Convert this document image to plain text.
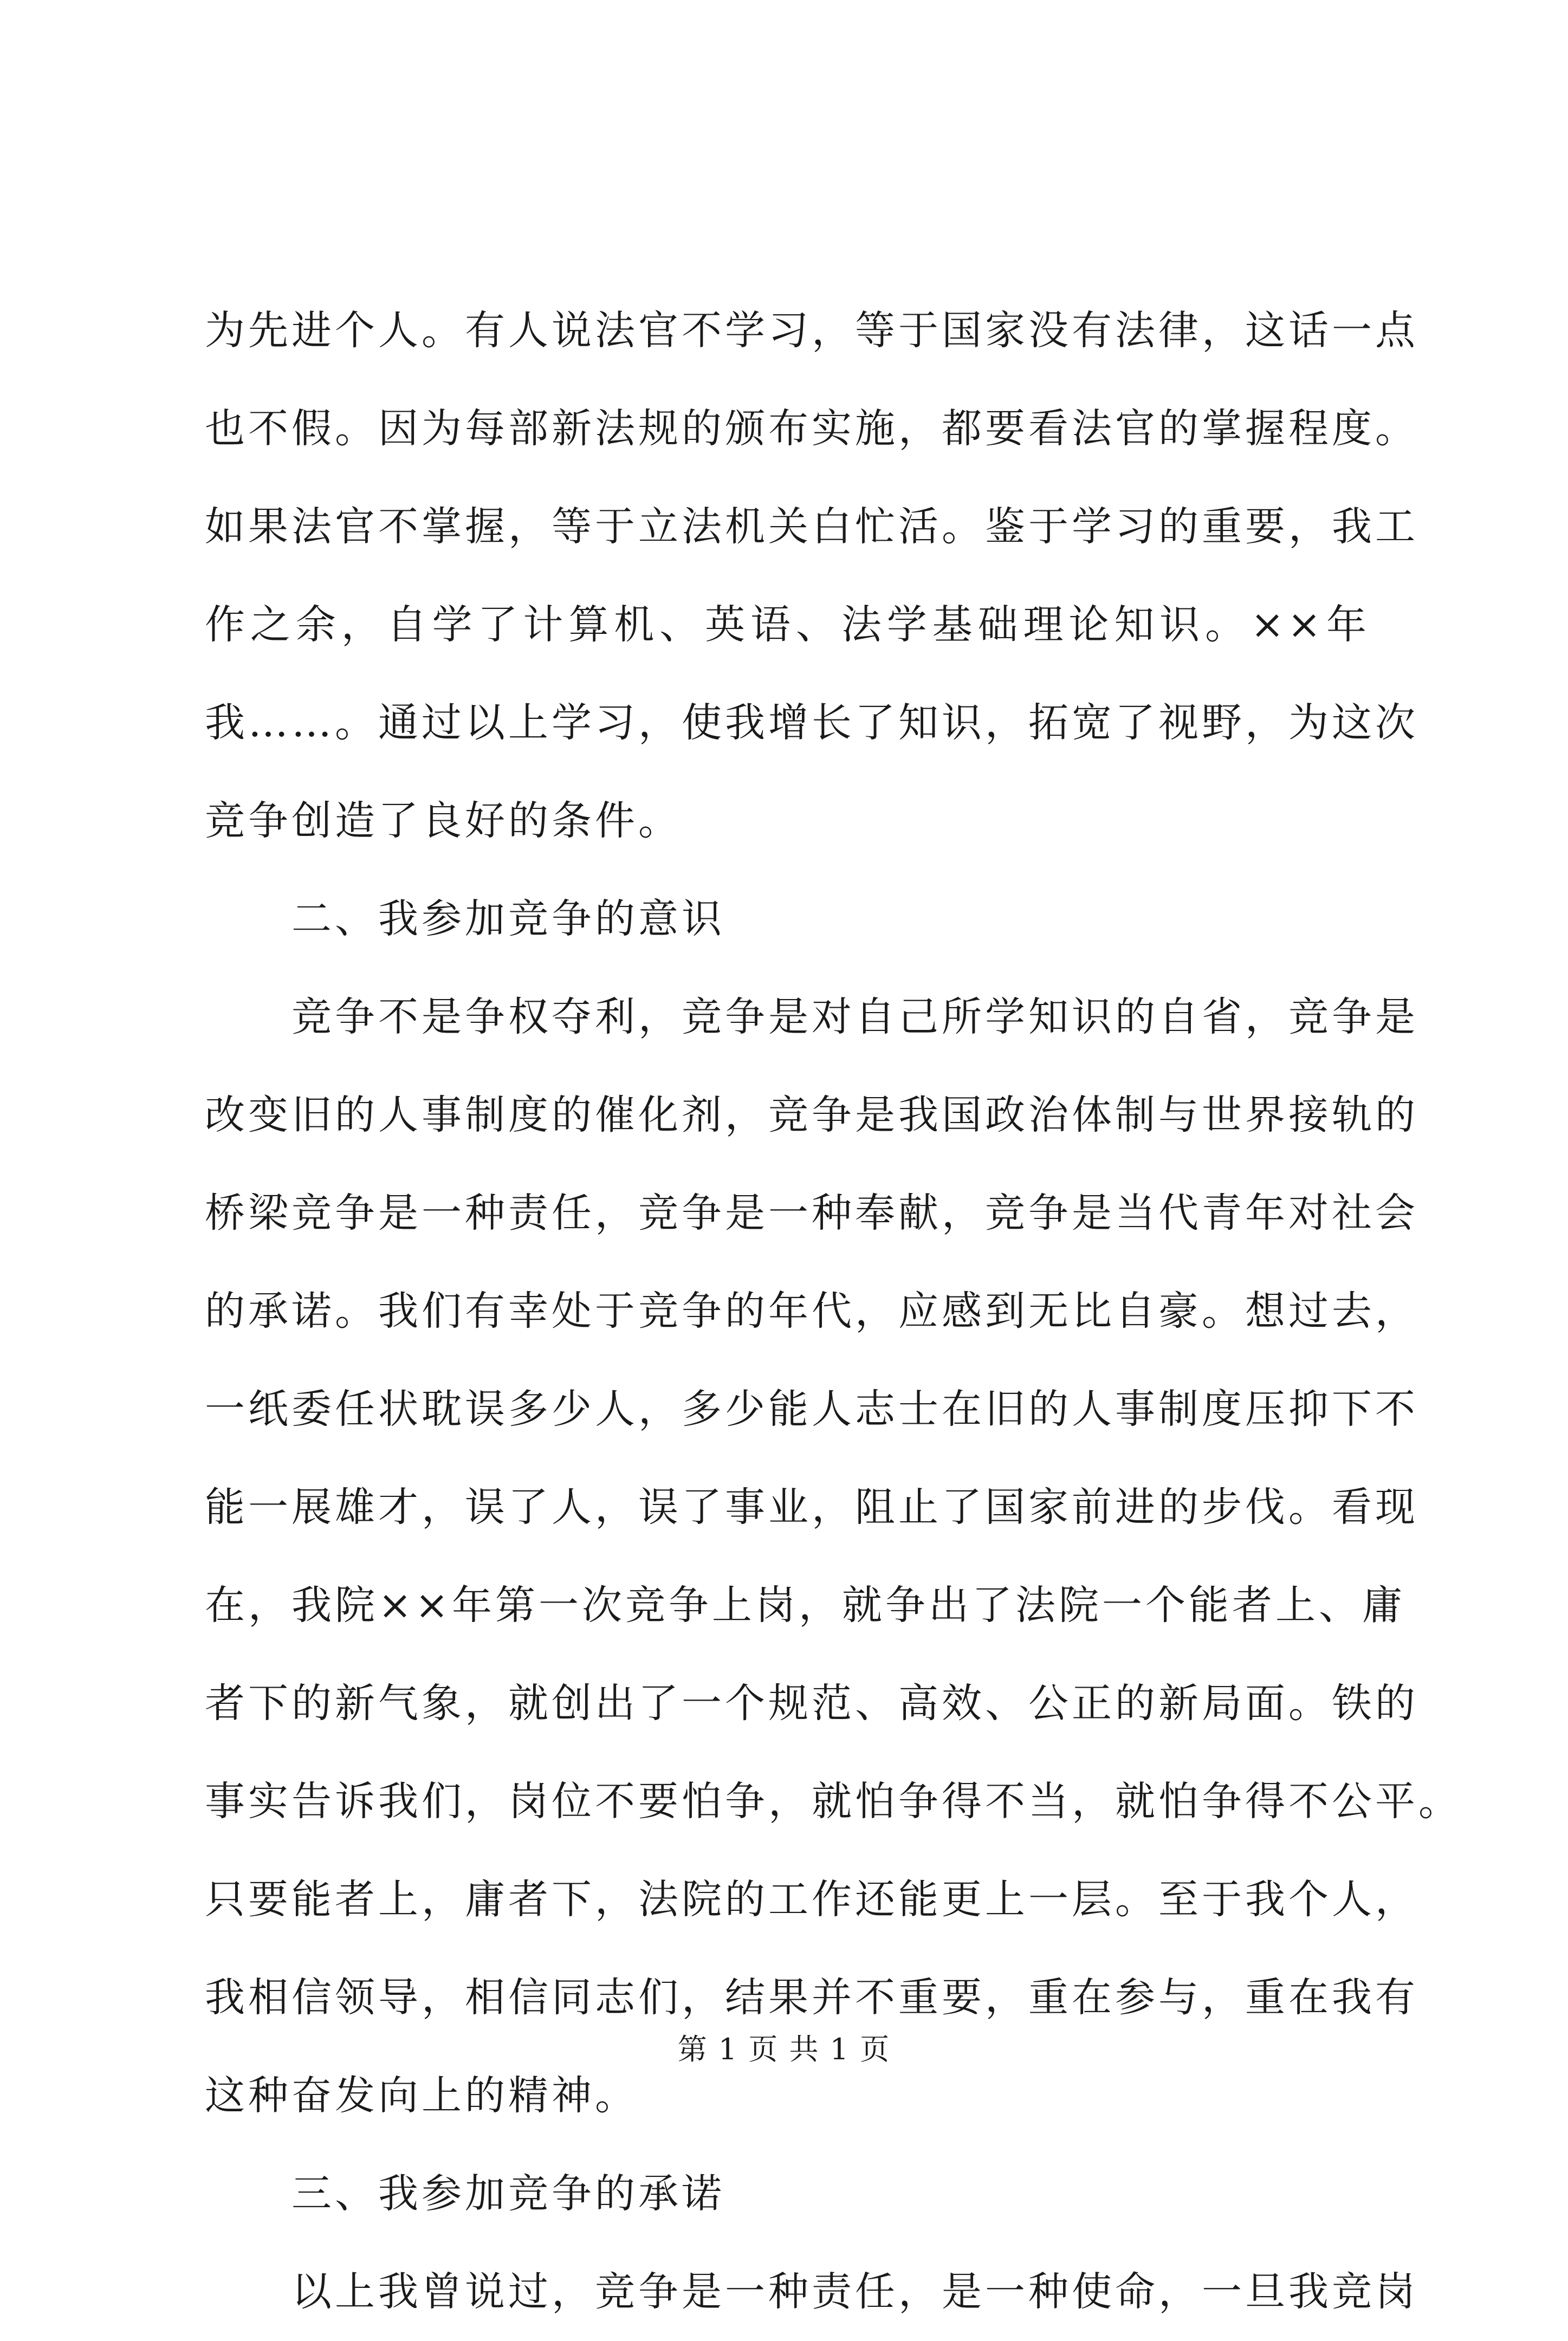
为先进个人。有人说法官不学习，等于国家没有法律，这话一点
也不假。因为每部新法规的颁布实施，都要看法官的掌握程度。
如果法官不掌握，等于立法机关白忙活。鉴于学习的重要，我工
作之余，自学了计算机、英语、法学基础理论知识。××年
我……。通过以上学习，使我增长了知识，拓宽了视野，为这次
竞争创造了良好的条件。
二、我参加竞争的意识
竞争不是争权夺利，竞争是对自己所学知识的自省，竞争是
改变旧的人事制度的催化剂，竞争是我国政治体制与世界接轨的
桥梁竞争是一种责任，竞争是一种奉献，竞争是当代青年对社会
的承诺。我们有幸处于竞争的年代，应感到无比自豪。想过去，
一纸委任状耽误多少人，多少能人志士在旧的人事制度压抑下不
能一展雄才，误了人，误了事业，阻止了国家前进的步伐。看现
在，我院××年第一次竞争上岗，就争出了法院一个能者上、庸
者下的新气象，就创出了一个规范、高效、公正的新局面。铁的
事实告诉我们，岗位不要怕争，就怕争得不当，就怕争得不公平。
只要能者上，庸者下，法院的工作还能更上一层。至于我个人，
我相信领导，相信同志们，结果并不重要，重在参与，重在我有
这种奋发向上的精神。
三、我参加竞争的承诺
以上我曾说过，竞争是一种责任，是一种使命，一旦我竞岗
第 1 页 共 1 页
